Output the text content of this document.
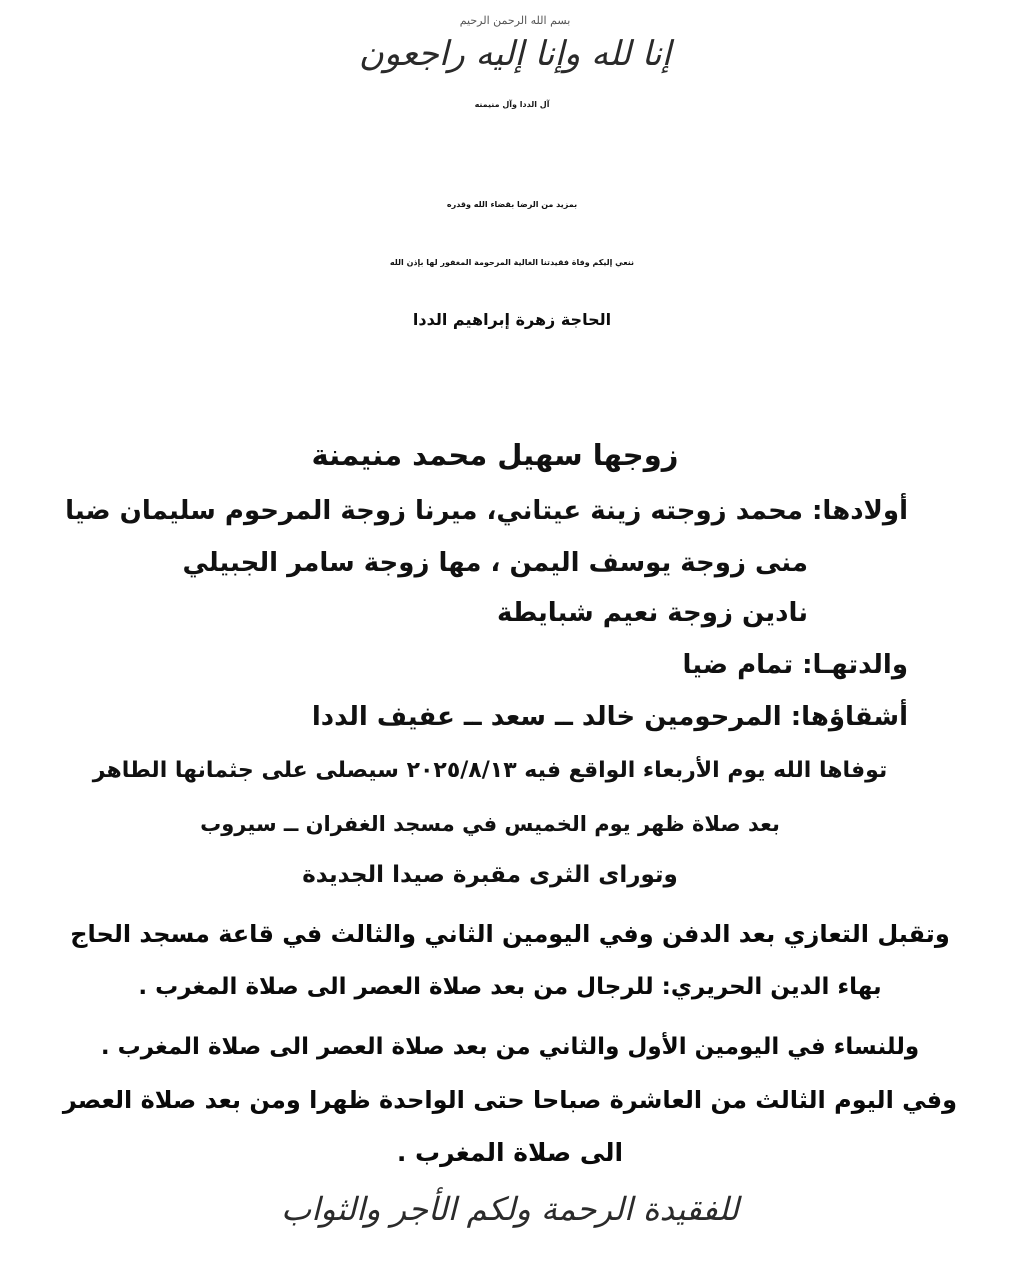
بسم الله الرحمن الرحيم
إنا لله وإنا إليه راجعون
آل الددا وآل منيمنه
بمزيد من الرضا بقضاء الله وقدره
ننعي إليكم وفاة فقيدتنا الغالية المرحومة المغفور لها بإذن الله
الحاجة زهرة إبراهيم الددا
زوجها سهيل محمد منيمنة
أولادها: محمد زوجته زينة عيتاني، ميرنا زوجة المرحوم سليمان ضيا
منى زوجة يوسف اليمن ، مها زوجة سامر الجبيلي
نادين زوجة نعيم شبايطة
والدتهـا: تمام ضيا
أشقاؤها: المرحومين خالد ــ سعد ــ عفيف الددا
توفاها الله يوم الأربعاء الواقع فيه ٢٠٢٥/٨/١٣ سيصلى على جثمانها الطاهر
بعد صلاة ظهر يوم الخميس في مسجد الغفران ــ سيروب
وتوراى الثرى مقبرة صيدا الجديدة
وتقبل التعازي بعد الدفن وفي اليومين الثاني والثالث في قاعة مسجد الحاج
بهاء الدين الحريري: للرجال من بعد صلاة العصر الى صلاة المغرب .
وللنساء في اليومين الأول والثاني من بعد صلاة العصر الى صلاة المغرب .
وفي اليوم الثالث من العاشرة صباحا حتى الواحدة ظهرا ومن بعد صلاة العصر
الى صلاة المغرب .
للفقيدة الرحمة ولكم الأجر والثواب
